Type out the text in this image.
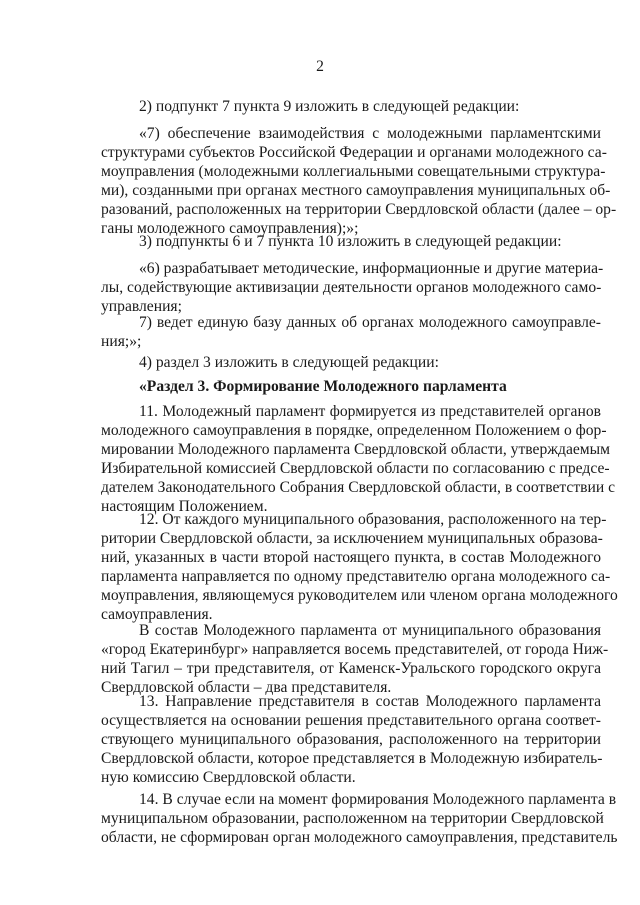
2
2) подпункт 7 пункта 9 изложить в следующей редакции:
«7) обеспечение взаимодействия с молодежными парламентскими
структурами субъектов Российской Федерации и органами молодежного са-
моуправления (молодежными коллегиальными совещательными структура-
ми), созданными при органах местного самоуправления муниципальных об-
разований, расположенных на территории Свердловской области (далее – ор-
ганы молодежного самоуправления);»;
3) подпункты 6 и 7 пункта 10 изложить в следующей редакции:
«6) разрабатывает методические, информационные и другие материа-
лы, содействующие активизации деятельности органов молодежного само-
управления;
7) ведет единую базу данных об органах молодежного самоуправле-
ния;»;
4) раздел 3 изложить в следующей редакции:
«Раздел 3. Формирование Молодежного парламента
11. Молодежный парламент формируется из представителей органов
молодежного самоуправления в порядке, определенном Положением о фор-
мировании Молодежного парламента Свердловской области, утверждаемым
Избирательной комиссией Свердловской области по согласованию с предсе-
дателем Законодательного Собрания Свердловской области, в соответствии с
настоящим Положением.
12. От каждого муниципального образования, расположенного на тер-
ритории Свердловской области, за исключением муниципальных образова-
ний, указанных в части второй настоящего пункта, в состав Молодежного
парламента направляется по одному представителю органа молодежного са-
моуправления, являющемуся руководителем или членом органа молодежного
самоуправления.
В состав Молодежного парламента от муниципального образования
«город Екатеринбург» направляется восемь представителей, от города Ниж-
ний Тагил – три представителя, от Каменск-Уральского городского округа
Свердловской области – два представителя.
13. Направление представителя в состав Молодежного парламента
осуществляется на основании решения представительного органа соответ-
ствующего муниципального образования, расположенного на территории
Свердловской области, которое представляется в Молодежную избиратель-
ную комиссию Свердловской области.
14. В случае если на момент формирования Молодежного парламента в
муниципальном образовании, расположенном на территории Свердловской
области, не сформирован орган молодежного самоуправления, представитель
